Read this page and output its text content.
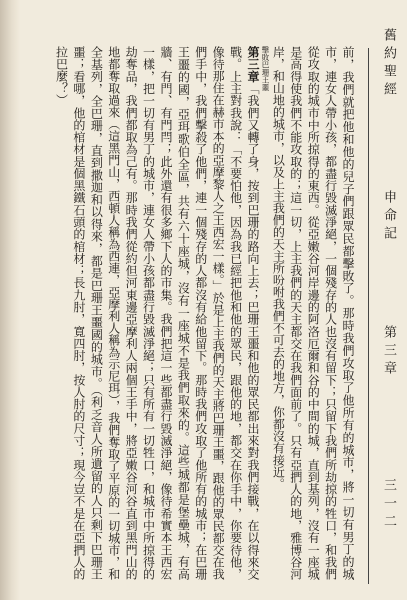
舊約聖經
申命記
第三章
三一二

前，我們就把他和他的兒子們跟眾民都擊敗了。那時我們攻取了他所有的城市，將一切有男丁的城市，連女人帶小孩，都盡行毀滅淨絕，一個殘存的人也沒有留下；只留下我們所劫掠的牲口，和我們從攻取的城市中所掠得的東西。從亞嫩谷河岸邊的阿洛厄爾和谷的中間的城，直到基列，沒有一座城是高得使我們不能攻取的；這一切，上主我們的天主都交在我們面前了。只有亞捫人的地，雅博谷河岸，和山地的城市，以及上主我們的天主所吩咐我們不可去的地方，你都沒有接近。

擊敗巴珊王噩

第三章「我們又轉了身，按到巴珊的路向上去；巴珊王噩和他的眾民都出來對我們接戰，在以得來交戰。上主對我說：「不要怕他，因為我已經把他和他的眾民，跟他的地，都交在你手中，你要待他，像待那住在赫市本的亞摩黎人之王西宏一樣。」於是上主我們的天主將巴珊王噩，跟他的眾民都交在我們手中，我們擊殺了他們，連一個殘存的人都沒有給他留下。那時我們攻取了他所有的城市；在巴珊王噩的國，亞珥歌伯全區，共有六十座城，沒有一座城不是我們取來的。這些城都是堡壘城，有高牆、有門、有門閂；此外還有很多鄉下人的市集。我們把這一些都盡行毀滅淨絕，像待希實本王西宏一樣，把一切有男丁的城市，連女人帶小孩都盡行毀滅淨絕；只有所有一切牲口，和城市中所掠得的劫奪品，我們都取為己有。那時我們從約但河東邊亞摩利人兩個王手中，將亞嫩谷河谷直到黑門山的地都奪取過來（這黑門山，西頓人稱為西連，亞摩利人稱為示尼珥），我們奪取了平原的一切城市，和全基列，全巴珊，直到撒迦和以得來，都是巴珊王噩國的城市。（利乏音人所遺留的人只剩下巴珊王噩；看哪，他的棺材是個黑鐵石頭的棺材；長九肘，寬四肘，按人肘的尺寸；現今豈不是在亞捫人的拉巴麼？）
